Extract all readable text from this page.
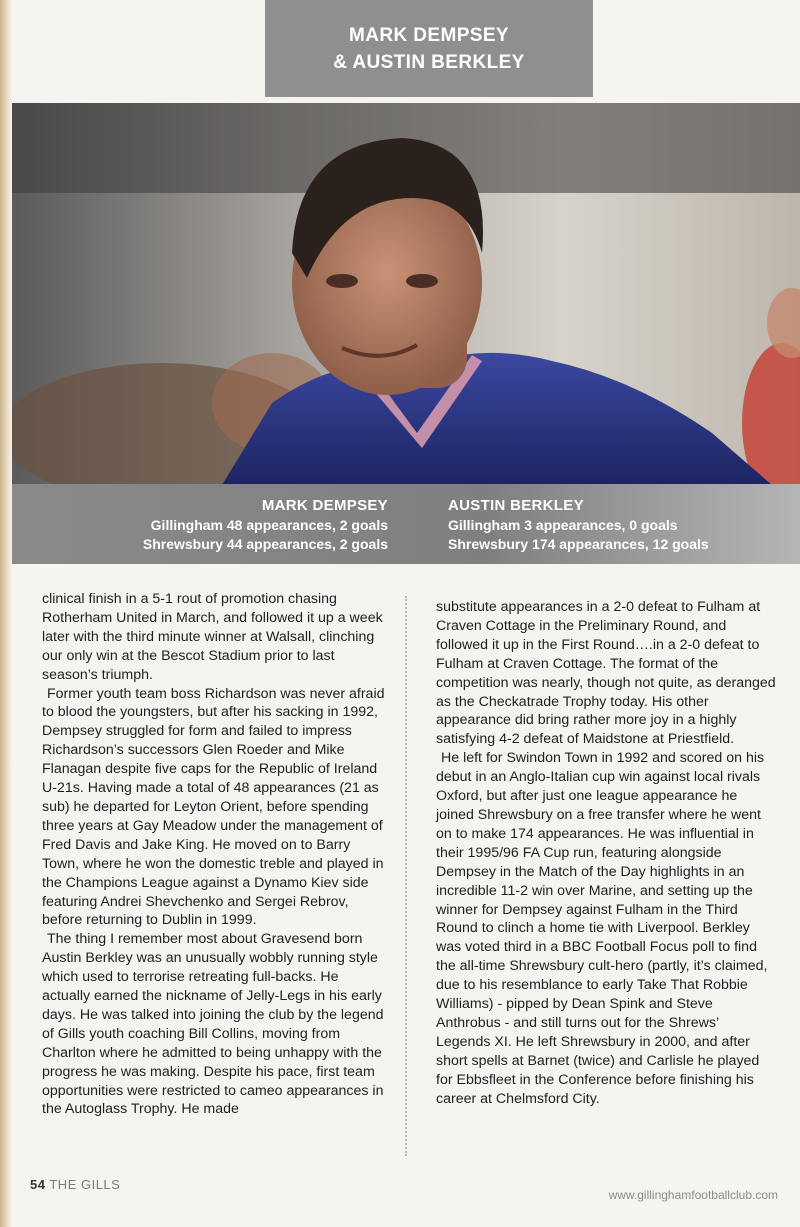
MARK DEMPSEY
& AUSTIN BERKLEY
MARK DEMPSEY
Gillingham 48 appearances, 2 goals
Shrewsbury 44 appearances, 2 goals
AUSTIN BERKLEY
Gillingham 3 appearances, 0 goals
Shrewsbury 174 appearances, 12 goals

clinical finish in a 5-1 rout of promotion chasing Rotherham United in March, and followed it up a week later with the third minute winner at Walsall, clinching our only win at the Bescot Stadium prior to last season’s triumph.

Former youth team boss Richardson was never afraid to blood the youngsters, but after his sacking in 1992, Dempsey struggled for form and failed to impress Richardson’s successors Glen Roeder and Mike Flanagan despite five caps for the Republic of Ireland U-21s. Having made a total of 48 appearances (21 as sub) he departed for Leyton Orient, before spending three years at Gay Meadow under the management of Fred Davis and Jake King. He moved on to Barry Town, where he won the domestic treble and played in the Champions League against a Dynamo Kiev side featuring Andrei Shevchenko and Sergei Rebrov, before returning to Dublin in 1999.

The thing I remember most about Gravesend born Austin Berkley was an unusually wobbly running style which used to terrorise retreating full-backs. He actually earned the nickname of Jelly-Legs in his early days. He was talked into joining the club by the legend of Gills youth coaching Bill Collins, moving from Charlton where he admitted to being unhappy with the progress he was making. Despite his pace, first team opportunities were restricted to cameo appearances in the Autoglass Trophy. He made

substitute appearances in a 2-0 defeat to Fulham at Craven Cottage in the Preliminary Round, and followed it up in the First Round….in a 2-0 defeat to Fulham at Craven Cottage. The format of the competition was nearly, though not quite, as deranged as the Checkatrade Trophy today. His other appearance did bring rather more joy in a highly satisfying 4-2 defeat of Maidstone at Priestfield.

He left for Swindon Town in 1992 and scored on his debut in an Anglo-Italian cup win against local rivals Oxford, but after just one league appearance he joined Shrewsbury on a free transfer where he went on to make 174 appearances. He was influential in their 1995/96 FA Cup run, featuring alongside Dempsey in the Match of the Day highlights in an incredible 11-2 win over Marine, and setting up the winner for Dempsey against Fulham in the Third Round to clinch a home tie with Liverpool. Berkley was voted third in a BBC Football Focus poll to find the all-time Shrewsbury cult-hero (partly, it’s claimed, due to his resemblance to early Take That Robbie Williams) - pipped by Dean Spink and Steve Anthrobus - and still turns out for the Shrews’ Legends XI. He left Shrewsbury in 2000, and after short spells at Barnet (twice) and Carlisle he played for Ebbsfleet in the Conference before finishing his career at Chelmsford City.

54 THE GILLS
www.gillinghamfootballclub.com
